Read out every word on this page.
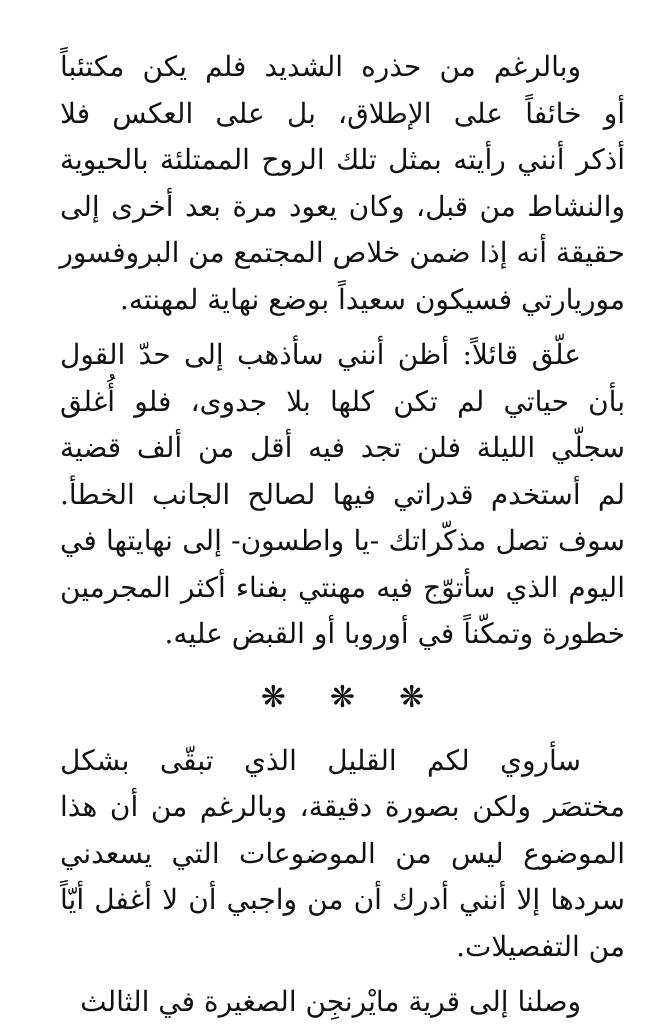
وبالرغم من حذره الشديد فلم يكن مكتئباً
أو خائفاً على الإطلاق، بل على العكس فلا
أذكر أنني رأيته بمثل تلك الروح الممتلئة بالحيوية
والنشاط من قبل، وكان يعود مرة بعد أخرى إلى
حقيقة أنه إذا ضمن خلاص المجتمع من البروفسور
موريارتي فسيكون سعيداً بوضع نهاية لمهنته.

علّق قائلاً: أظن أنني سأذهب إلى حدّ القول
بأن حياتي لم تكن كلها بلا جدوى، فلو أُغلق
سجلّي الليلة فلن تجد فيه أقل من ألف قضية
لم أستخدم قدراتي فيها لصالح الجانب الخطأ.
سوف تصل مذكّراتك -يا واطسون- إلى نهايتها في
اليوم الذي سأتوّج فيه مهنتي بفناء أكثر المجرمين
خطورة وتمكّناً في أوروبا أو القبض عليه.

❋ ❋ ❋

سأروي لكم القليل الذي تبقّى بشكل
مختصَر ولكن بصورة دقيقة، وبالرغم من أن هذا
الموضوع ليس من الموضوعات التي يسعدني
سردها إلا أنني أدرك أن من واجبي أن لا أغفل أيّاً
من التفصيلات.

وصلنا إلى قرية مايْرنجِن الصغيرة في الثالث
